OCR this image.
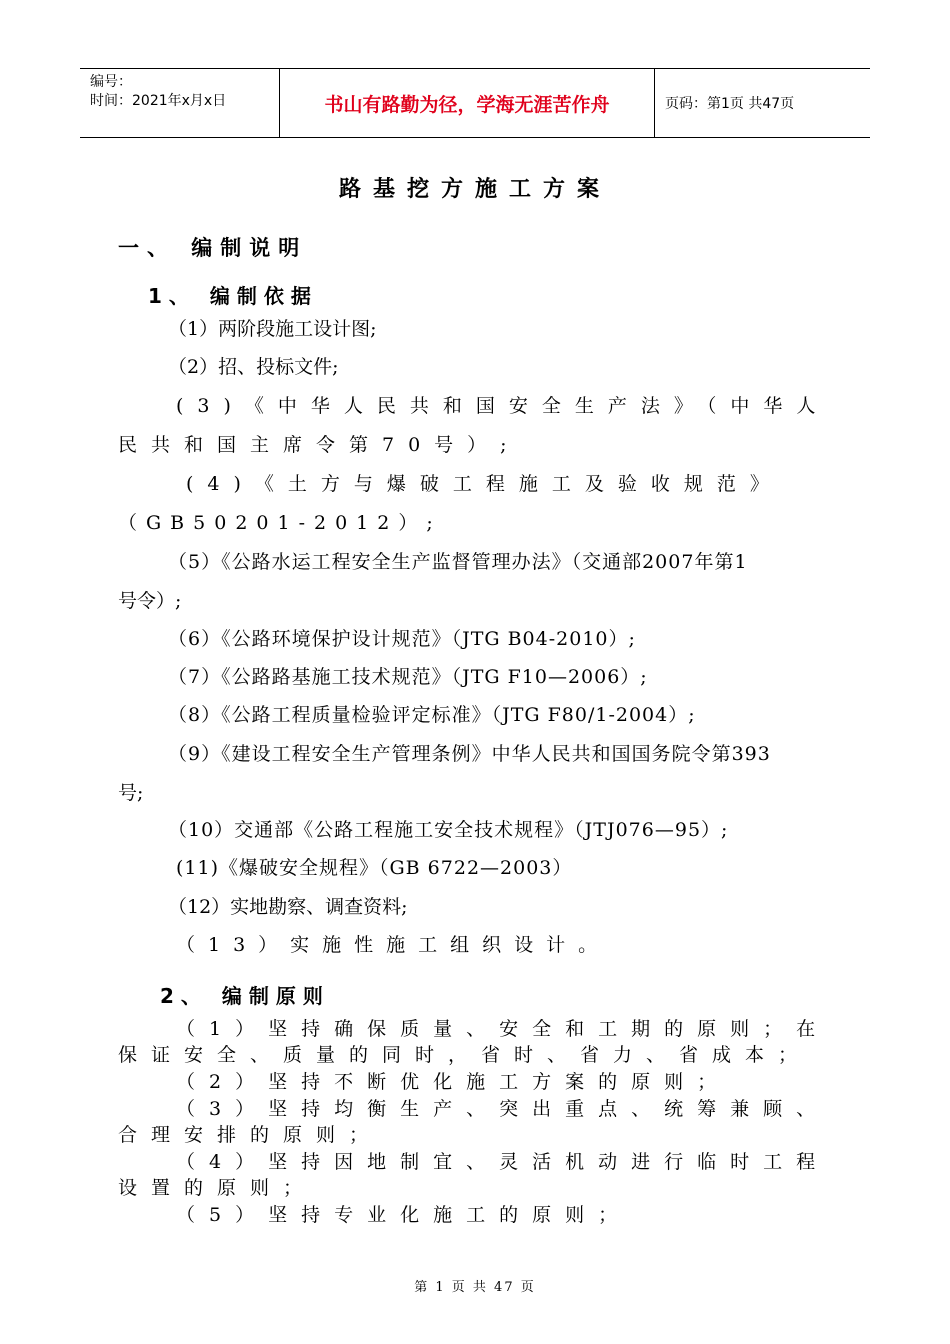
编号：
时间：2021年x月x日	书山有路勤为径，学海无涯苦作舟	页码：第1页 共47页
路基挖方施工方案
一、 编制说明
1、 编制依据
（1）两阶段施工设计图;
（2）招、投标文件;
(3)《中华人民共和国安全生产法》（中华人
民共和国主席令第70号）;
(4)《土方与爆破工程施工及验收规范》
（GB50201-2012）;
（5）《公路水运工程安全生产监督管理办法》（交通部2007年第1
号令）;
（6）《公路环境保护设计规范》（JTG B04-2010）;
（7）《公路路基施工技术规范》（JTG F10—2006）;
（8）《公路工程质量检验评定标准》（JTG F80/1-2004）;
（9）《建设工程安全生产管理条例》中华人民共和国国务院令第393
号;
（10）交通部《公路工程施工安全技术规程》（JTJ076—95）;
(11)《爆破安全规程》（GB 6722—2003）
（12）实地勘察、调查资料;
（13）实施性施工组织设计。
2、 编制原则
（1）坚持确保质量、安全和工期的原则；在
保证安全、质量的同时，省时、省力、省成本；
（2）坚持不断优化施工方案的原则；
（3）坚持均衡生产、突出重点、统筹兼顾、
合理安排的原则；
（4）坚持因地制宜、灵活机动进行临时工程
设置的原则；
（5）坚持专业化施工的原则；
第 1 页 共 47 页
